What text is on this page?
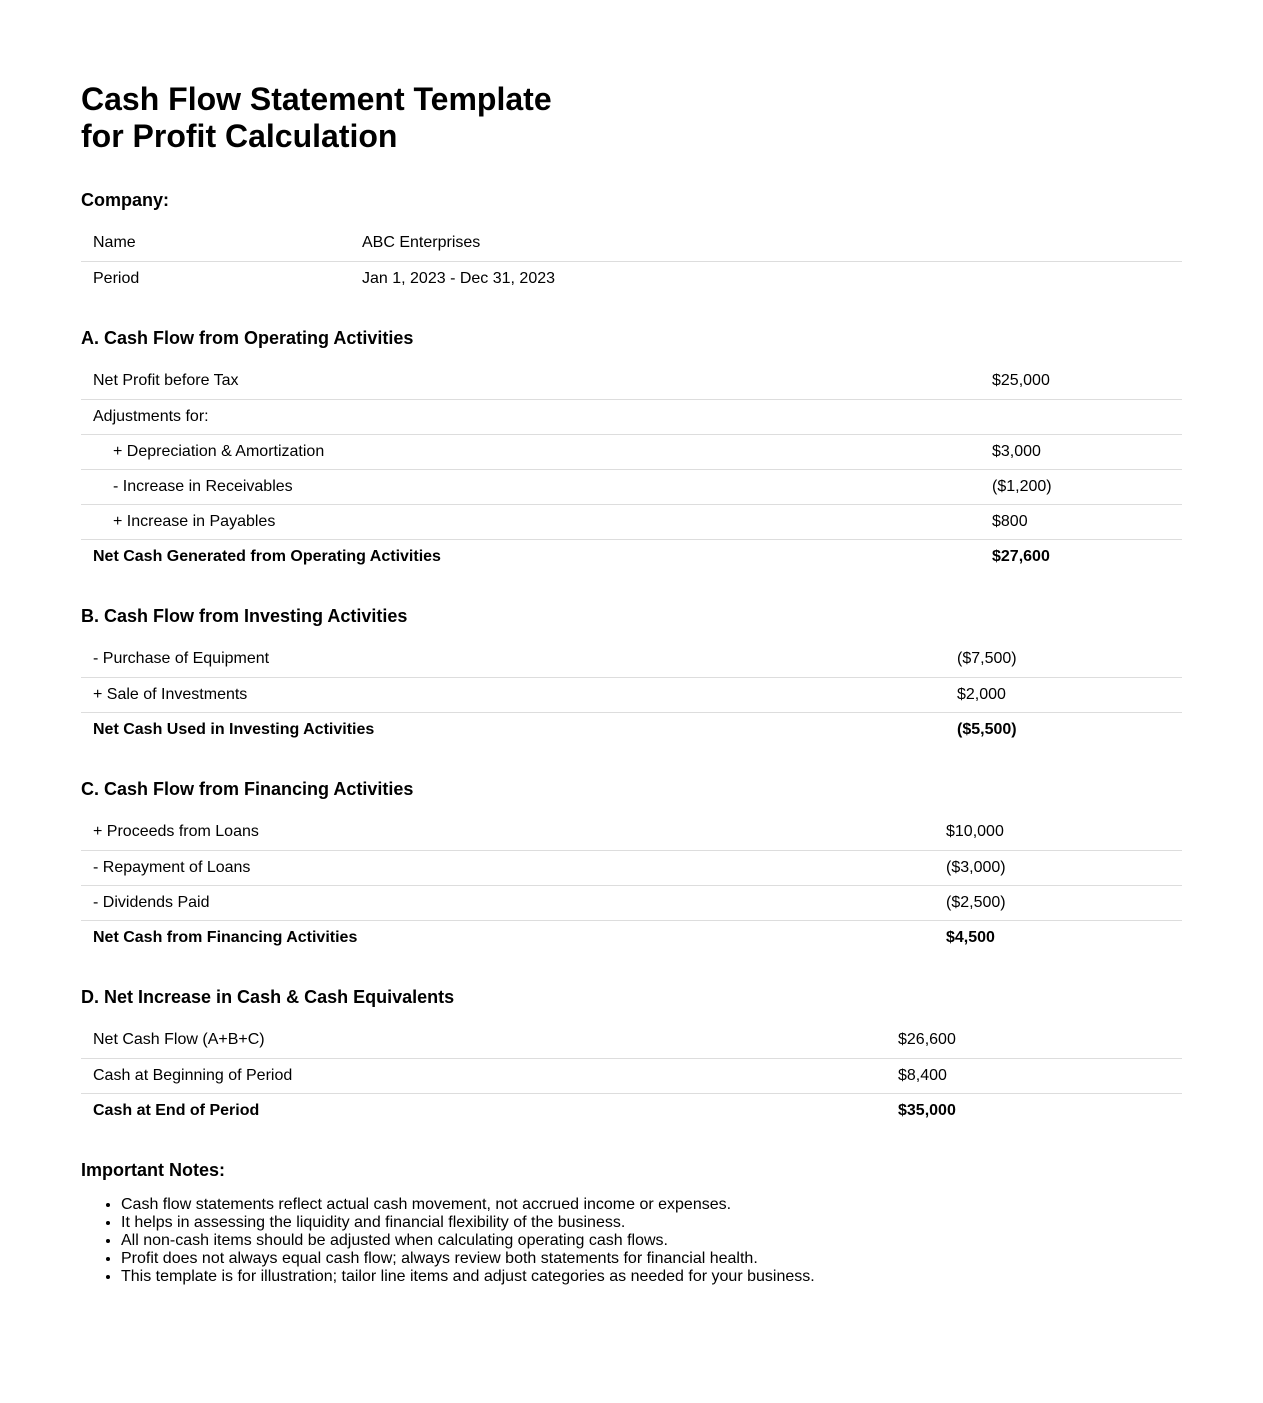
Cash Flow Statement Template
for Profit Calculation
Company:
Name	ABC Enterprises
Period	Jan 1, 2023 - Dec 31, 2023
A. Cash Flow from Operating Activities
Net Profit before Tax	$25,000
Adjustments for:	
+ Depreciation & Amortization	$3,000
- Increase in Receivables	($1,200)
+ Increase in Payables	$800
Net Cash Generated from Operating Activities	$27,600
B. Cash Flow from Investing Activities
- Purchase of Equipment	($7,500)
+ Sale of Investments	$2,000
Net Cash Used in Investing Activities	($5,500)
C. Cash Flow from Financing Activities
+ Proceeds from Loans	$10,000
- Repayment of Loans	($3,000)
- Dividends Paid	($2,500)
Net Cash from Financing Activities	$4,500
D. Net Increase in Cash & Cash Equivalents
Net Cash Flow (A+B+C)	$26,600
Cash at Beginning of Period	$8,400
Cash at End of Period	$35,000
Important Notes:
• Cash flow statements reflect actual cash movement, not accrued income or expenses.
• It helps in assessing the liquidity and financial flexibility of the business.
• All non-cash items should be adjusted when calculating operating cash flows.
• Profit does not always equal cash flow; always review both statements for financial health.
• This template is for illustration; tailor line items and adjust categories as needed for your business.
